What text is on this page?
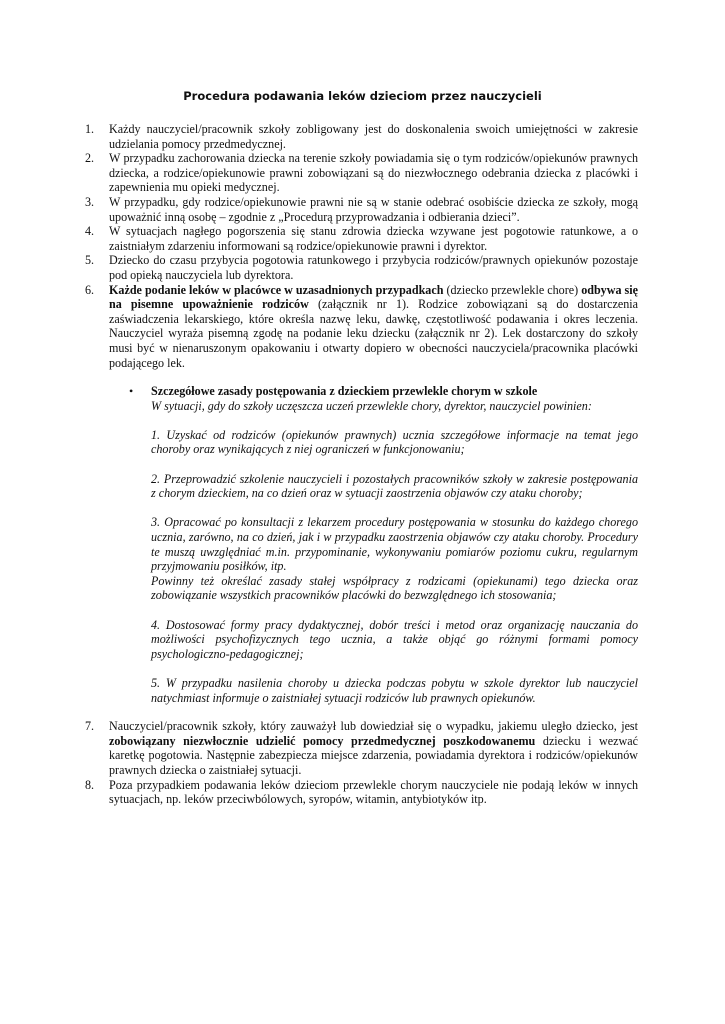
Procedura podawania leków dzieciom przez nauczycieli
1. Każdy nauczyciel/pracownik szkoły zobligowany jest do doskonalenia swoich umiejętności w zakresie udzielania pomocy przedmedycznej.
2. W przypadku zachorowania dziecka na terenie szkoły powiadamia się o tym rodziców/opiekunów prawnych dziecka, a rodzice/opiekunowie prawni zobowiązani są do niezwłocznego odebrania dziecka z placówki i zapewnienia mu opieki medycznej.
3. W przypadku, gdy rodzice/opiekunowie prawni nie są w stanie odebrać osobiście dziecka ze szkoły, mogą upoważnić inną osobę – zgodnie z „Procedurą przyprowadzania i odbierania dzieci”.
4. W sytuacjach nagłego pogorszenia się stanu zdrowia dziecka wzywane jest pogotowie ratunkowe, a o zaistniałym zdarzeniu informowani są rodzice/opiekunowie prawni i dyrektor.
5. Dziecko do czasu przybycia pogotowia ratunkowego i przybycia rodziców/prawnych opiekunów pozostaje pod opieką nauczyciela lub dyrektora.
6. Każde podanie leków w placówce w uzasadnionych przypadkach (dziecko przewlekle chore) odbywa się na pisemne upoważnienie rodziców (załącznik nr 1). Rodzice zobowiązani są do dostarczenia zaświadczenia lekarskiego, które określa nazwę leku, dawkę, częstotliwość podawania i okres leczenia. Nauczyciel wyraża pisemną zgodę na podanie leku dziecku (załącznik nr 2). Lek dostarczony do szkoły musi być w nienaruszonym opakowaniu i otwarty dopiero w obecności nauczyciela/pracownika placówki podającego lek.
• Szczegółowe zasady postępowania z dzieckiem przewlekle chorym w szkole
W sytuacji, gdy do szkoły uczęszcza uczeń przewlekle chory, dyrektor, nauczyciel powinien:
1. Uzyskać od rodziców (opiekunów prawnych) ucznia szczegółowe informacje na temat jego choroby oraz wynikających z niej ograniczeń w funkcjonowaniu;
2. Przeprowadzić szkolenie nauczycieli i pozostałych pracowników szkoły w zakresie postępowania z chorym dzieckiem, na co dzień oraz w sytuacji zaostrzenia objawów czy ataku choroby;
3. Opracować po konsultacji z lekarzem procedury postępowania w stosunku do każdego chorego ucznia, zarówno, na co dzień, jak i w przypadku zaostrzenia objawów czy ataku choroby. Procedury te muszą uwzględniać m.in. przypominanie, wykonywaniu pomiarów poziomu cukru, regularnym przyjmowaniu posiłków, itp.
Powinny też określać zasady stałej współpracy z rodzicami (opiekunami) tego dziecka oraz zobowiązanie wszystkich pracowników placówki do bezwzględnego ich stosowania;
4. Dostosować formy pracy dydaktycznej, dobór treści i metod oraz organizację nauczania do możliwości psychofizycznych tego ucznia, a także objąć go różnymi formami pomocy psychologiczno-pedagogicznej;
5. W przypadku nasilenia choroby u dziecka podczas pobytu w szkole dyrektor lub nauczyciel natychmiast informuje o zaistniałej sytuacji rodziców lub prawnych opiekunów.
7. Nauczyciel/pracownik szkoły, który zauważył lub dowiedział się o wypadku, jakiemu uległo dziecko, jest zobowiązany niezwłocznie udzielić pomocy przedmedycznej poszkodowanemu dziecku i wezwać karetkę pogotowia. Następnie zabezpiecza miejsce zdarzenia, powiadamia dyrektora i rodziców/opiekunów prawnych dziecka o zaistniałej sytuacji.
8. Poza przypadkiem podawania leków dzieciom przewlekle chorym nauczyciele nie podają leków w innych sytuacjach, np. leków przeciwbólowych, syropów, witamin, antybiotyków itp.
